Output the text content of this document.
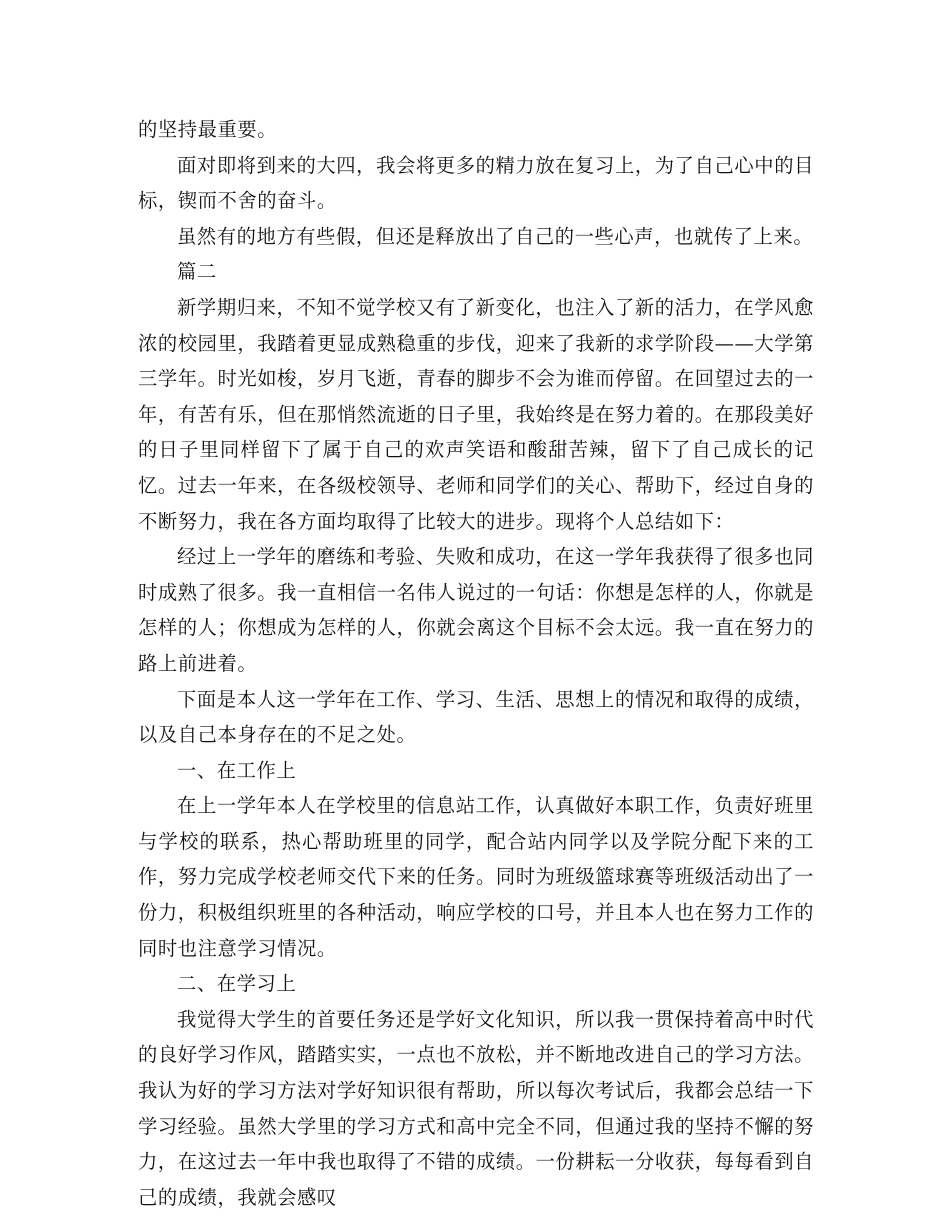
的坚持最重要。

面对即将到来的大四，我会将更多的精力放在复习上，为了自己心中的目标，锲而不舍的奋斗。

虽然有的地方有些假，但还是释放出了自己的一些心声，也就传了上来。

篇二

新学期归来，不知不觉学校又有了新变化，也注入了新的活力，在学风愈浓的校园里，我踏着更显成熟稳重的步伐，迎来了我新的求学阶段——大学第三学年。时光如梭，岁月飞逝，青春的脚步不会为谁而停留。在回望过去的一年，有苦有乐，但在那悄然流逝的日子里，我始终是在努力着的。在那段美好的日子里同样留下了属于自己的欢声笑语和酸甜苦辣，留下了自己成长的记忆。过去一年来，在各级校领导、老师和同学们的关心、帮助下，经过自身的不断努力，我在各方面均取得了比较大的进步。现将个人总结如下：

经过上一学年的磨练和考验、失败和成功，在这一学年我获得了很多也同时成熟了很多。我一直相信一名伟人说过的一句话：你想是怎样的人，你就是怎样的人；你想成为怎样的人，你就会离这个目标不会太远。我一直在努力的路上前进着。

下面是本人这一学年在工作、学习、生活、思想上的情况和取得的成绩，以及自己本身存在的不足之处。

一、在工作上

在上一学年本人在学校里的信息站工作，认真做好本职工作，负责好班里与学校的联系，热心帮助班里的同学，配合站内同学以及学院分配下来的工作，努力完成学校老师交代下来的任务。同时为班级篮球赛等班级活动出了一份力，积极组织班里的各种活动，响应学校的口号，并且本人也在努力工作的同时也注意学习情况。

二、在学习上

我觉得大学生的首要任务还是学好文化知识，所以我一贯保持着高中时代的良好学习作风，踏踏实实，一点也不放松，并不断地改进自己的学习方法。我认为好的学习方法对学好知识很有帮助，所以每次考试后，我都会总结一下学习经验。虽然大学里的学习方式和高中完全不同，但通过我的坚持不懈的努力，在这过去一年中我也取得了不错的成绩。一份耕耘一分收获，每每看到自己的成绩，我就会感叹
